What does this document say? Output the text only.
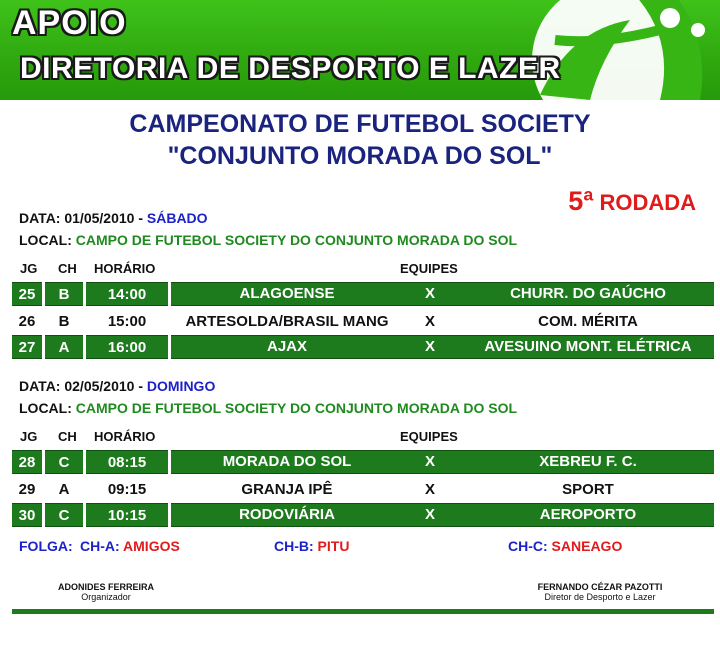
APOIO
DIRETORIA DE DESPORTO E LAZER
CAMPEONATO DE FUTEBOL SOCIETY
"CONJUNTO MORADA DO SOL"
5ª RODADA
DATA: 01/05/2010 - SÁBADO
LOCAL: CAMPO DE FUTEBOL SOCIETY DO CONJUNTO MORADA DO SOL
JG CH HORÁRIO	EQUIPES
25	B	14:00	ALAGOENSE	X	CHURR. DO GAÚCHO
26	B	15:00	ARTESOLDA/BRASIL MANG	X	COM. MÉRITA
27	A	16:00	AJAX	X	AVESUINO MONT. ELÉTRICA
DATA: 02/05/2010 - DOMINGO
LOCAL: CAMPO DE FUTEBOL SOCIETY DO CONJUNTO MORADA DO SOL
JG CH HORÁRIO	EQUIPES
28	C	08:15	MORADA DO SOL	X	XEBREU F. C.
29	A	09:15	GRANJA IPÊ	X	SPORT
30	C	10:15	RODOVIÁRIA	X	AEROPORTO
FOLGA: CH-A: AMIGOS	CH-B: PITU	CH-C: SANEAGO
ADONIDES FERREIRA
Organizador
FERNANDO CÉZAR PAZOTTI
Diretor de Desporto e Lazer
